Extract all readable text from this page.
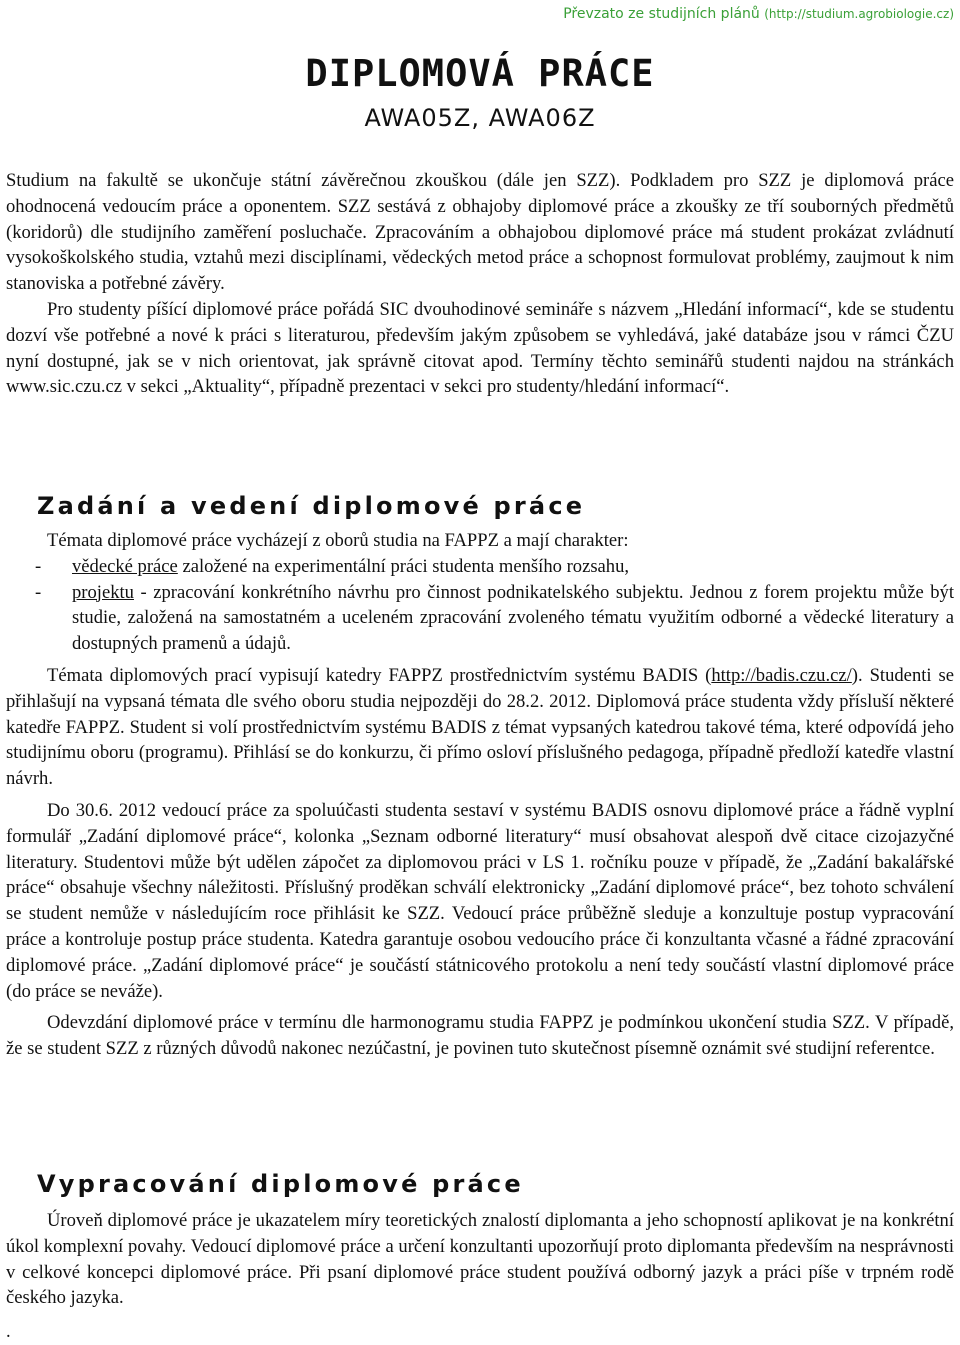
Převzato ze studijních plánů (http://studium.agrobiologie.cz)
DIPLOMOVÁ PRÁCE
AWA05Z, AWA06Z

Studium na fakultě se ukončuje státní závěrečnou zkouškou (dále jen SZZ). Podkladem pro SZZ je diplomová práce ohodnocená vedoucím práce a oponentem. SZZ sestává z obhajoby diplomové práce a zkoušky ze tří souborných předmětů (koridorů) dle studijního zaměření posluchače. Zpracováním a obhajobou diplomové práce má student prokázat zvládnutí vysokoškolského studia, vztahů mezi disciplínami, vědeckých metod práce a schopnost formulovat problémy, zaujmout k nim stanoviska a potřebné závěry.

Pro studenty píšící diplomové práce pořádá SIC dvouhodinové semináře s názvem „Hledání informací“, kde se studentu dozví vše potřebné a nové k práci s literaturou, především jakým způsobem se vyhledává, jaké databáze jsou v rámci ČZU nyní dostupné, jak se v nich orientovat, jak správně citovat apod. Termíny těchto seminářů studenti najdou na stránkách www.sic.czu.cz v sekci „Aktuality“, případně prezentaci v sekci pro studenty/hledání informací“.

Zadání a vedení diplomové práce

Témata diplomové práce vycházejí z oborů studia na FAPPZ a mají charakter:

- vědecké práce založené na experimentální práci studenta menšího rozsahu,
- projektu - zpracování konkrétního návrhu pro činnost podnikatelského subjektu. Jednou z forem projektu může být studie, založená na samostatném a uceleném zpracování zvoleného tématu využitím odborné a vědecké literatury a dostupných pramenů a údajů.

Témata diplomových prací vypisují katedry FAPPZ prostřednictvím systému BADIS (http://badis.czu.cz/). Studenti se přihlašují na vypsaná témata dle svého oboru studia nejpozději do 28.2. 2012. Diplomová práce studenta vždy přísluší některé katedře FAPPZ. Student si volí prostřednictvím systému BADIS z témat vypsaných katedrou takové téma, které odpovídá jeho studijnímu oboru (programu). Přihlásí se do konkurzu, či přímo osloví příslušného pedagoga, případně předloží katedře vlastní návrh.

Do 30.6. 2012 vedoucí práce za spoluúčasti studenta sestaví v systému BADIS osnovu diplomové práce a řádně vyplní formulář „Zadání diplomové práce“, kolonka „Seznam odborné literatury“ musí obsahovat alespoň dvě citace cizojazyčné literatury. Studentovi může být udělen zápočet za diplomovou práci v LS 1. ročníku pouze v případě, že „Zadání bakalářské práce“ obsahuje všechny náležitosti. Příslušný proděkan schválí elektronicky „Zadání diplomové práce“, bez tohoto schválení se student nemůže v následujícím roce přihlásit ke SZZ. Vedoucí práce průběžně sleduje a konzultuje postup vypracování práce a kontroluje postup práce studenta. Katedra garantuje osobou vedoucího práce či konzultanta včasné a řádné zpracování diplomové práce. „Zadání diplomové práce“ je součástí státnicového protokolu a není tedy součástí vlastní diplomové práce (do práce se neváže).

Odevzdání diplomové práce v termínu dle harmonogramu studia FAPPZ je podmínkou ukončení studia SZZ. V případě, že se student SZZ z různých důvodů nakonec nezúčastní, je povinen tuto skutečnost písemně oznámit své studijní referentce.

Vypracování diplomové práce

Úroveň diplomové práce je ukazatelem míry teoretických znalostí diplomanta a jeho schopností aplikovat je na konkrétní úkol komplexní povahy. Vedoucí diplomové práce a určení konzultanti upozorňují proto diplomanta především na nesprávnosti v celkové koncepci diplomové práce. Při psaní diplomové práce student používá odborný jazyk a práci píše v trpném rodě českého jazyka.

.
